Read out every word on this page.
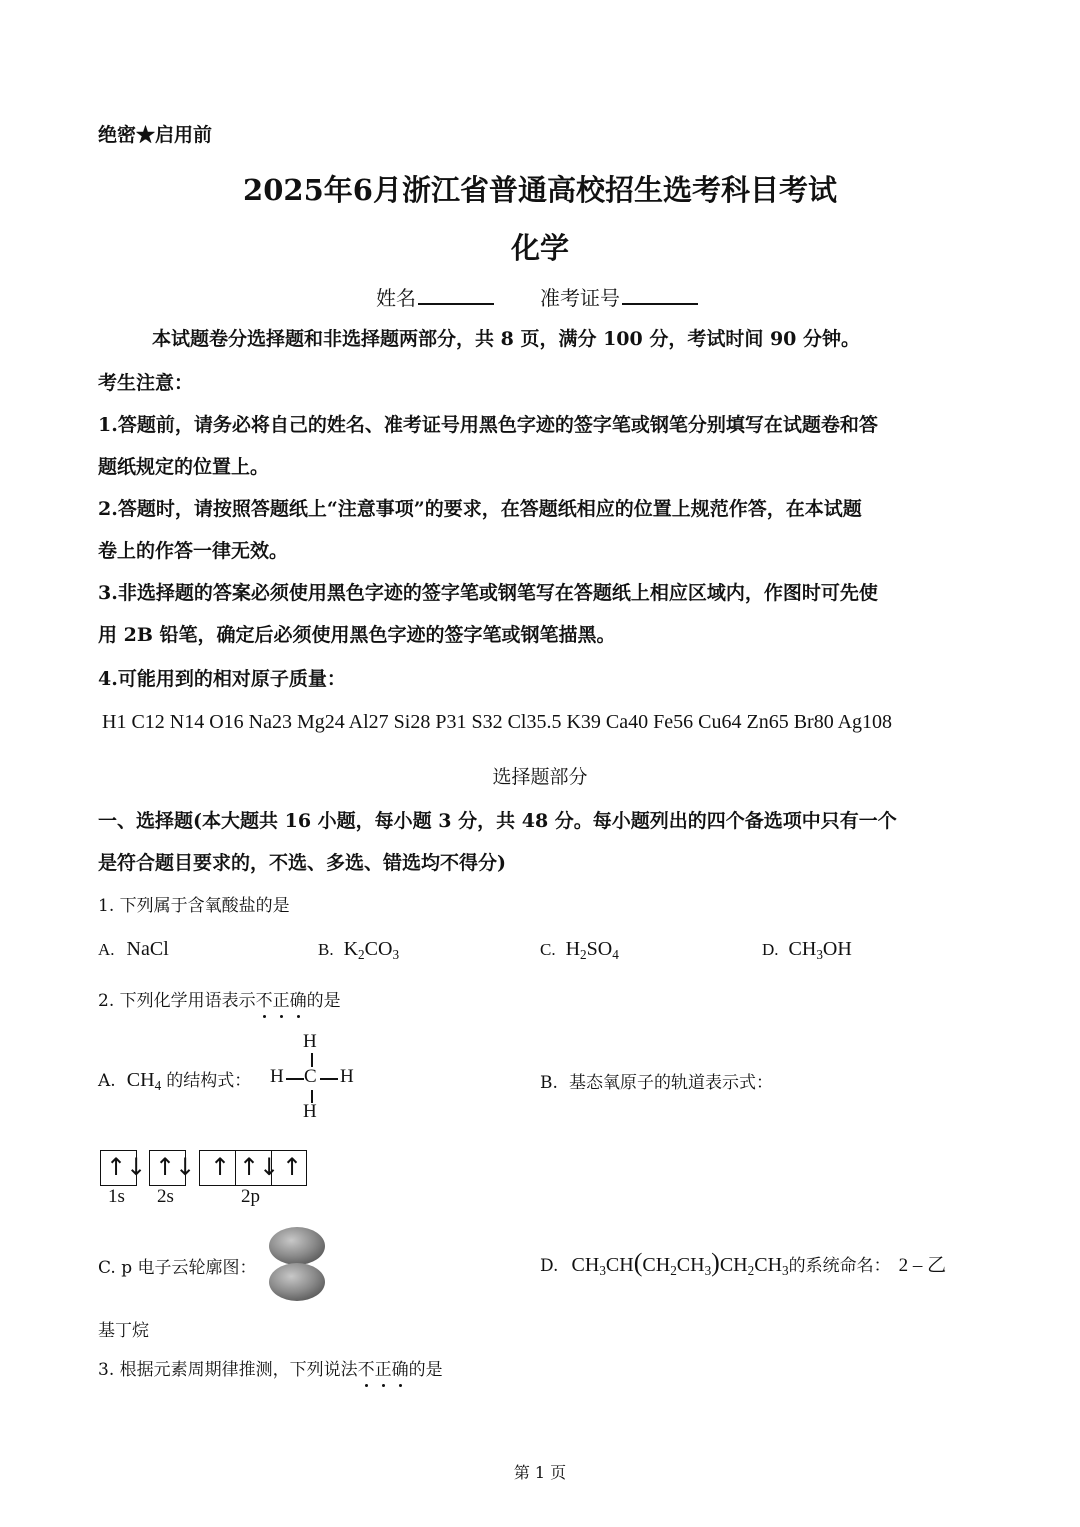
绝密★启用前
2025年6月浙江省普通高校招生选考科目考试
化学
姓名	准考证号
本试题卷分选择题和非选择题两部分，共 8 页，满分 100 分，考试时间 90 分钟。
考生注意：
1.答题前，请务必将自己的姓名、准考证号用黑色字迹的签字笔或钢笔分别填写在试题卷和答
题纸规定的位置上。
2.答题时，请按照答题纸上“注意事项”的要求，在答题纸相应的位置上规范作答，在本试题
卷上的作答一律无效。
3.非选择题的答案必须使用黑色字迹的签字笔或钢笔写在答题纸上相应区域内，作图时可先使
用 2B 铅笔，确定后必须使用黑色字迹的签字笔或钢笔描黑。
4.可能用到的相对原子质量：
H1 C12 N14 O16 Na23 Mg24 Al27 Si28 P31 S32 Cl35.5 K39 Ca40 Fe56 Cu64 Zn65 Br80 Ag108
选择题部分
一、选择题(本大题共 16 小题，每小题 3 分，共 48 分。每小题列出的四个备选项中只有一个
是符合题目要求的，不选、多选、错选均不得分)
1. 下列属于含氧酸盐的是
A. NaCl	B. $K_2CO_3$	C. $H_2SO_4$	D. $CH_3OH$
2. 下列化学用语表示不正确的是
A. $CH_4$ 的结构式：
H
H C H
H
B. 基态氧原子的轨道表示式：
↑↓ ↑↓ ↑ ↑↓ ↑
1s 2s	2p
C. p 电子云轮廓图：	D. $CH_3CH(CH_2CH_3)CH_2CH_3$的系统命名： 2 – 乙
基丁烷
3. 根据元素周期律推测，下列说法不正确的是
第 1 页
